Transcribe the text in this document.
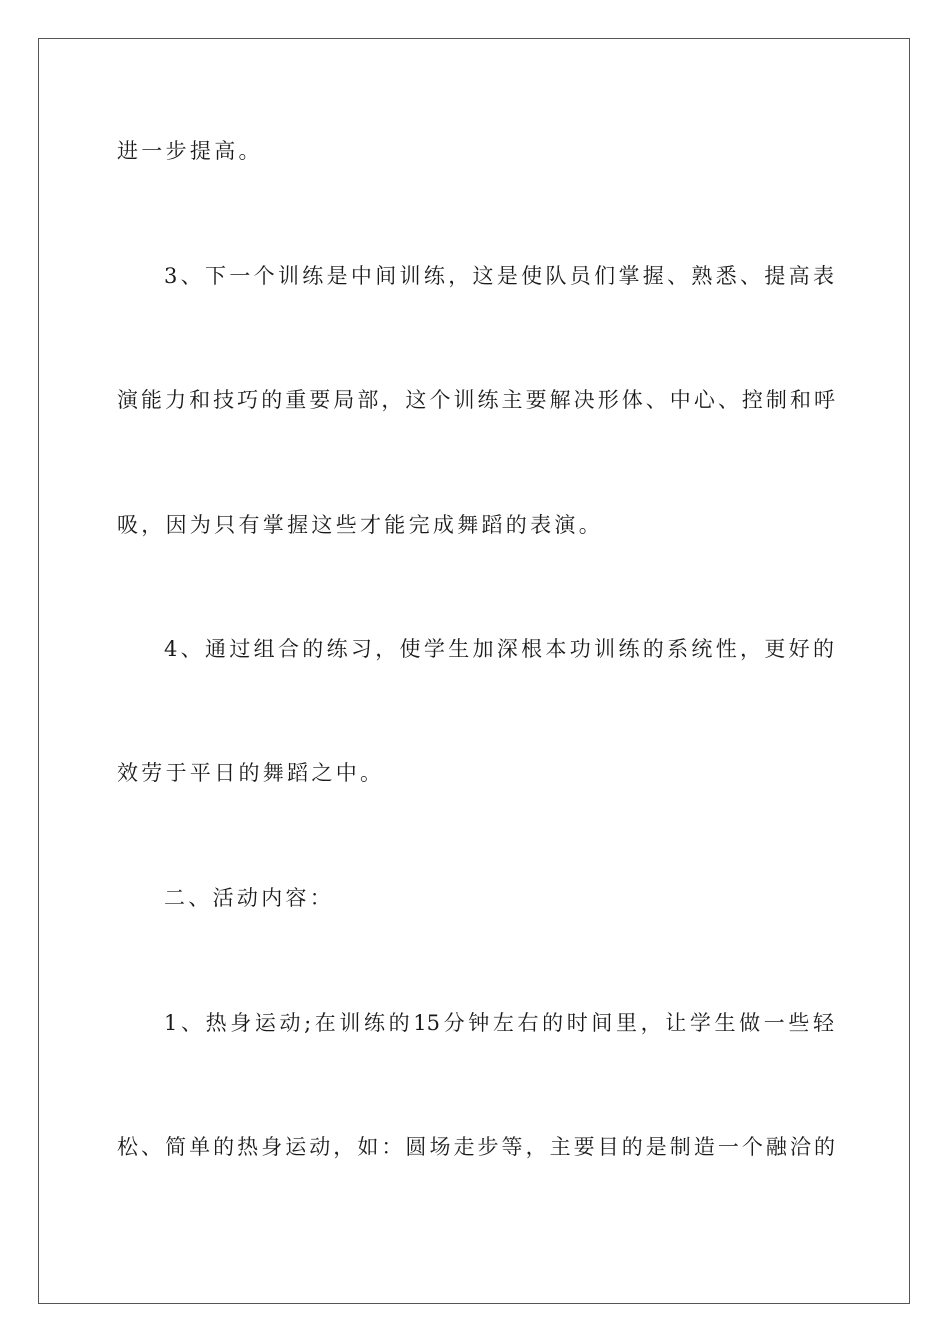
进一步提高。
3、下一个训练是中间训练，这是使队员们掌握、熟悉、提高表
演能力和技巧的重要局部，这个训练主要解决形体、中心、控制和呼
吸，因为只有掌握这些才能完成舞蹈的表演。
4、通过组合的练习，使学生加深根本功训练的系统性，更好的
效劳于平日的舞蹈之中。
二、活动内容：
1、热身运动;在训练的15分钟左右的时间里，让学生做一些轻
松、简单的热身运动，如：圆场走步等，主要目的是制造一个融洽的
